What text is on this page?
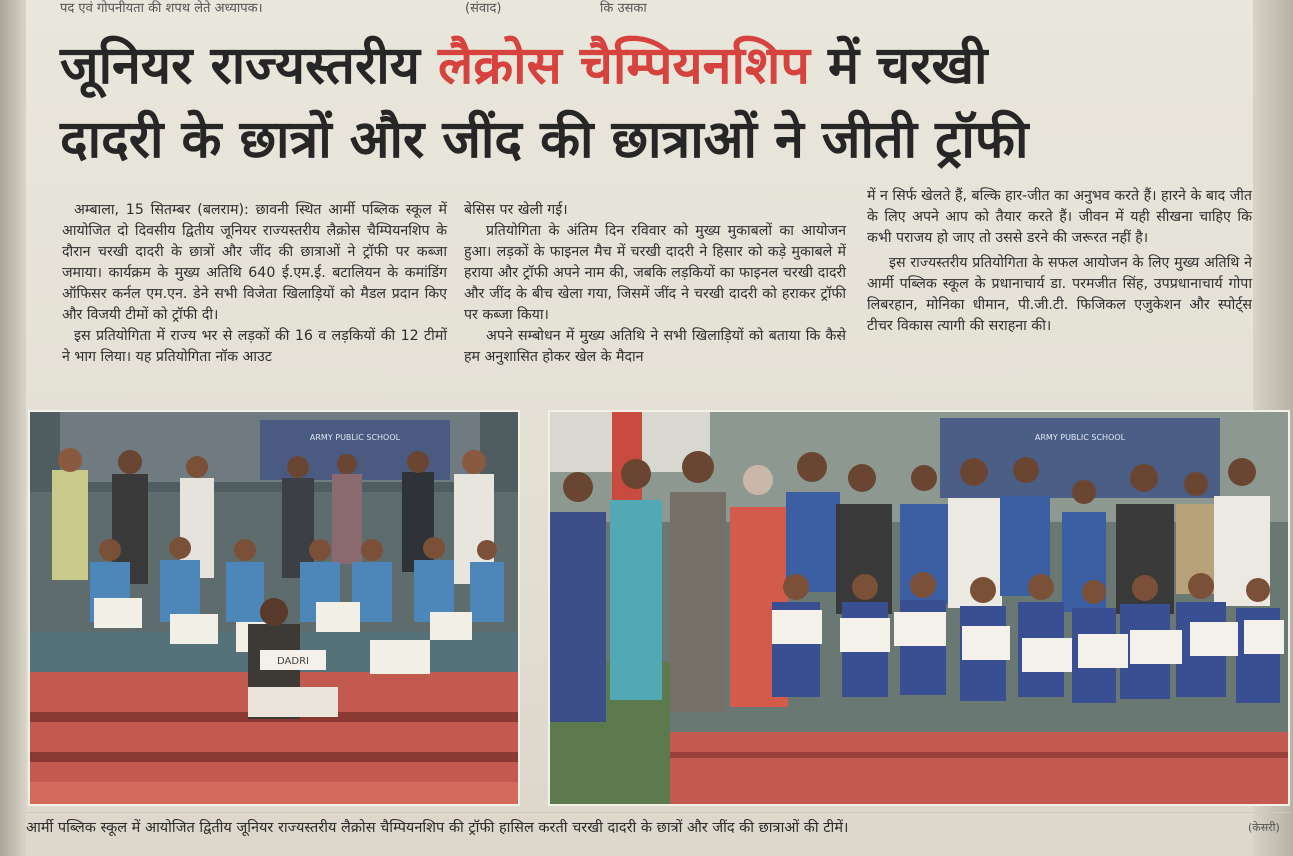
पद एवं गोपनीयता की शपथ लेते अध्यापक।	(संवाद)	कि उसका
जूनियर राज्यस्तरीय लैक्रोस चैम्पियनशिप में चरखी
दादरी के छात्रों और जींद की छात्राओं ने जीती ट्रॉफी

अम्बाला, 15 सितम्बर (बलराम): छावनी स्थित आर्मी पब्लिक स्कूल में आयोजित दो दिवसीय द्वितीय जूनियर राज्यस्तरीय लैक्रोस चैम्पियनशिप के दौरान चरखी दादरी के छात्रों और जींद की छात्राओं ने ट्रॉफी पर कब्जा जमाया। कार्यक्रम के मुख्य अतिथि 640 ई.एम.ई. बटालियन के कमांडिंग ऑफिसर कर्नल एम.एन. डेने सभी विजेता खिलाड़ियों को मैडल प्रदान किए और विजयी टीमों को ट्रॉफी दी।

इस प्रतियोगिता में राज्य भर से लड़कों की 16 व लड़कियों की 12 टीमों ने भाग लिया। यह प्रतियोगिता नॉक आउट

बेसिस पर खेली गई।

प्रतियोगिता के अंतिम दिन रविवार को मुख्य मुकाबलों का आयोजन हुआ। लड़कों के फाइनल मैच में चरखी दादरी ने हिसार को कड़े मुकाबले में हराया और ट्रॉफी अपने नाम की, जबकि लड़कियों का फाइनल चरखी दादरी और जींद के बीच खेला गया, जिसमें जींद ने चरखी दादरी को हराकर ट्रॉफी पर कब्जा किया।

अपने सम्बोधन में मुख्य अतिथि ने सभी खिलाड़ियों को बताया कि कैसे हम अनुशासित होकर खेल के मैदान

में न सिर्फ खेलते हैं, बल्कि हार-जीत का अनुभव करते हैं। हारने के बाद जीत के लिए अपने आप को तैयार करते हैं। जीवन में यही सीखना चाहिए कि कभी पराजय हो जाए तो उससे डरने की जरूरत नहीं है।

इस राज्यस्तरीय प्रतियोगिता के सफल आयोजन के लिए मुख्य अतिथि ने आर्मी पब्लिक स्कूल के प्रधानाचार्य डा. परमजीत सिंह, उपप्रधानाचार्य गोपा लिबरहान, मोनिका धीमान, पी.जी.टी. फिजिकल एजुकेशन और स्पोर्ट्स टीचर विकास त्यागी की सराहना की।

ARMY PUBLIC SCHOOL
DADRI
ARMY PUBLIC SCHOOL
आर्मी पब्लिक स्कूल में आयोजित द्वितीय जूनियर राज्यस्तरीय लैक्रोस चैम्पियनशिप की ट्रॉफी हासिल करती चरखी दादरी के छात्रों और जींद की छात्राओं की टीमें।	(केसरी)
